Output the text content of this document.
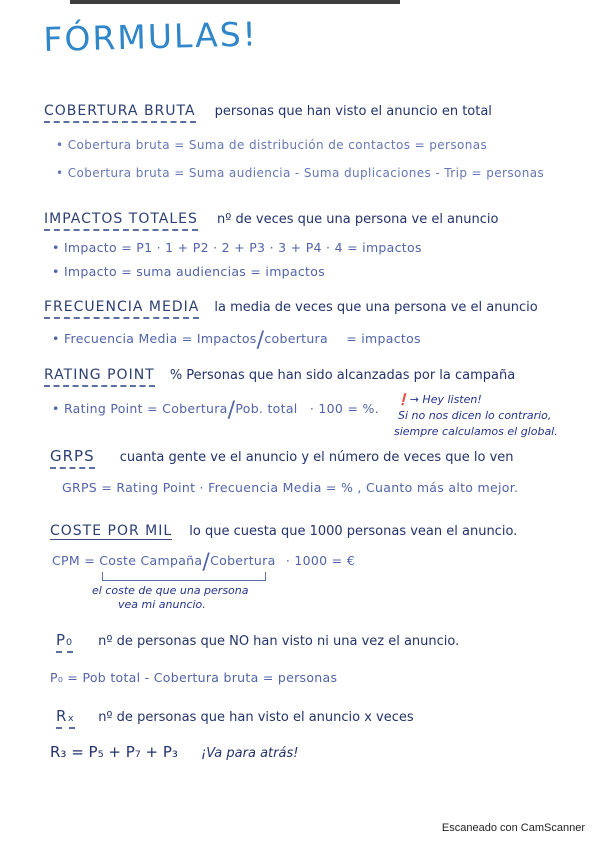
FÓRMULAS!
COBERTURA BRUTA personas que han visto el anuncio en total
• Cobertura bruta = Suma de distribución de contactos = personas
• Cobertura bruta = Suma audiencia - Suma duplicaciones - Trip = personas
IMPACTOS TOTALES nº de veces que una persona ve el anuncio
• Impacto = P1 · 1 + P2 · 2 + P3 · 3 + P4 · 4 = impactos
• Impacto = suma audiencias = impactos
FRECUENCIA MEDIA la media de veces que una persona ve el anuncio
• Frecuencia Media = Impactos/cobertura = impactos
RATING POINT % Personas que han sido alcanzadas por la campaña
• Rating Point = Cobertura/Pob. total · 100 = %.
❗→ Hey listen!
Si no nos dicen lo contrario,
siempre calculamos el global.
GRPS cuanta gente ve el anuncio y el número de veces que lo ven
GRPS = Rating Point · Frecuencia Media = % , Cuanto más alto mejor.
COSTE POR MIL lo que cuesta que 1000 personas vean el anuncio.
CPM = Coste Campaña/Cobertura · 1000 = €
el coste de que una persona
vea mi anuncio.
P₀ nº de personas que NO han visto ni una vez el anuncio.
P₀ = Pob total - Cobertura bruta = personas
Rₓ nº de personas que han visto el anuncio x veces
R₃ = P₅ + P₇ + P₃ ¡Va para atrás!
Escaneado con CamScanner
